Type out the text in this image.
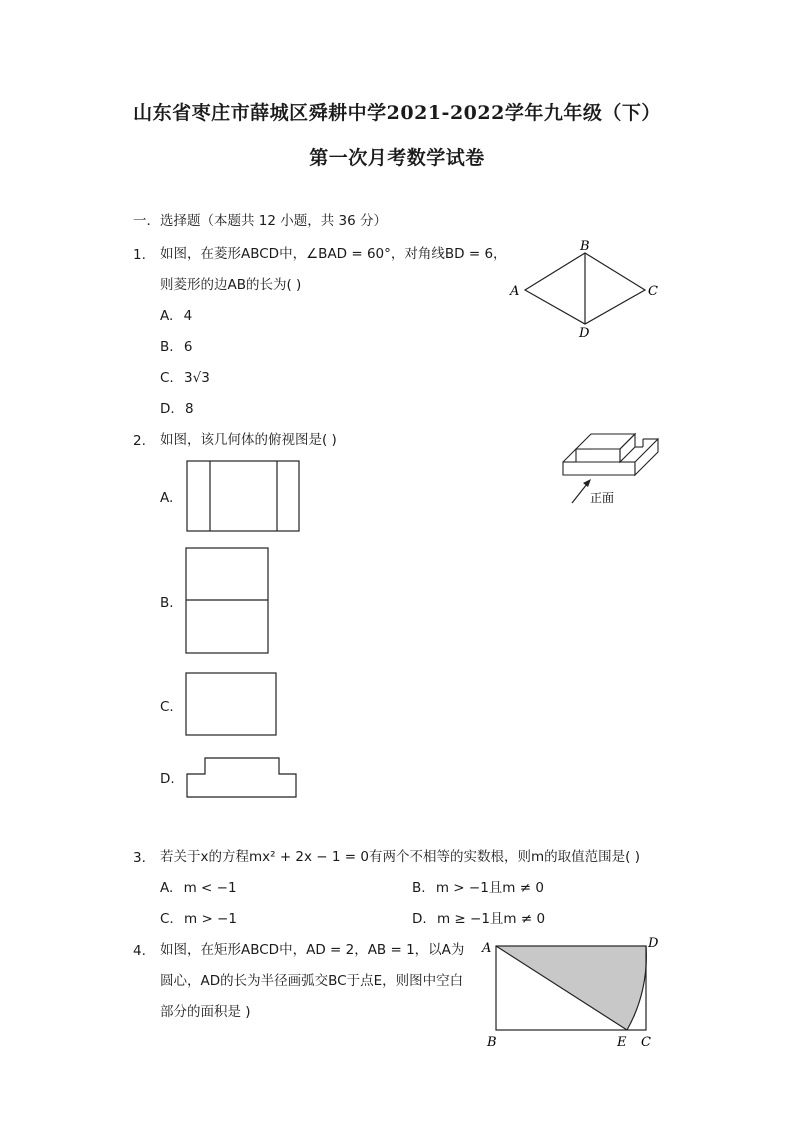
山东省枣庄市薛城区舜耕中学2021-2022学年九年级（下）
第一次月考数学试卷
一．选择题（本题共 12 小题，共 36 分）
1. 如图，在菱形ABCD中，∠BAD = 60°，对角线BD = 6，
则菱形的边AB的长为( )
A. 4
B. 6
C. 3√3
D. 8
A
B
C
D
2. 如图，该几何体的俯视图是( )
正面
A.
B.
C.
D.
3. 若关于x的方程mx² + 2x − 1 = 0有两个不相等的实数根，则m的取值范围是( )
A. m < −1	B. m > −1且m ≠ 0
C. m > −1	D. m ≥ −1且m ≠ 0
4. 如图，在矩形ABCD中，AD = 2，AB = 1，以A为
圆心，AD的长为半径画弧交BC于点E，则图中空白
部分的面积是 )
A	D
B	E C
